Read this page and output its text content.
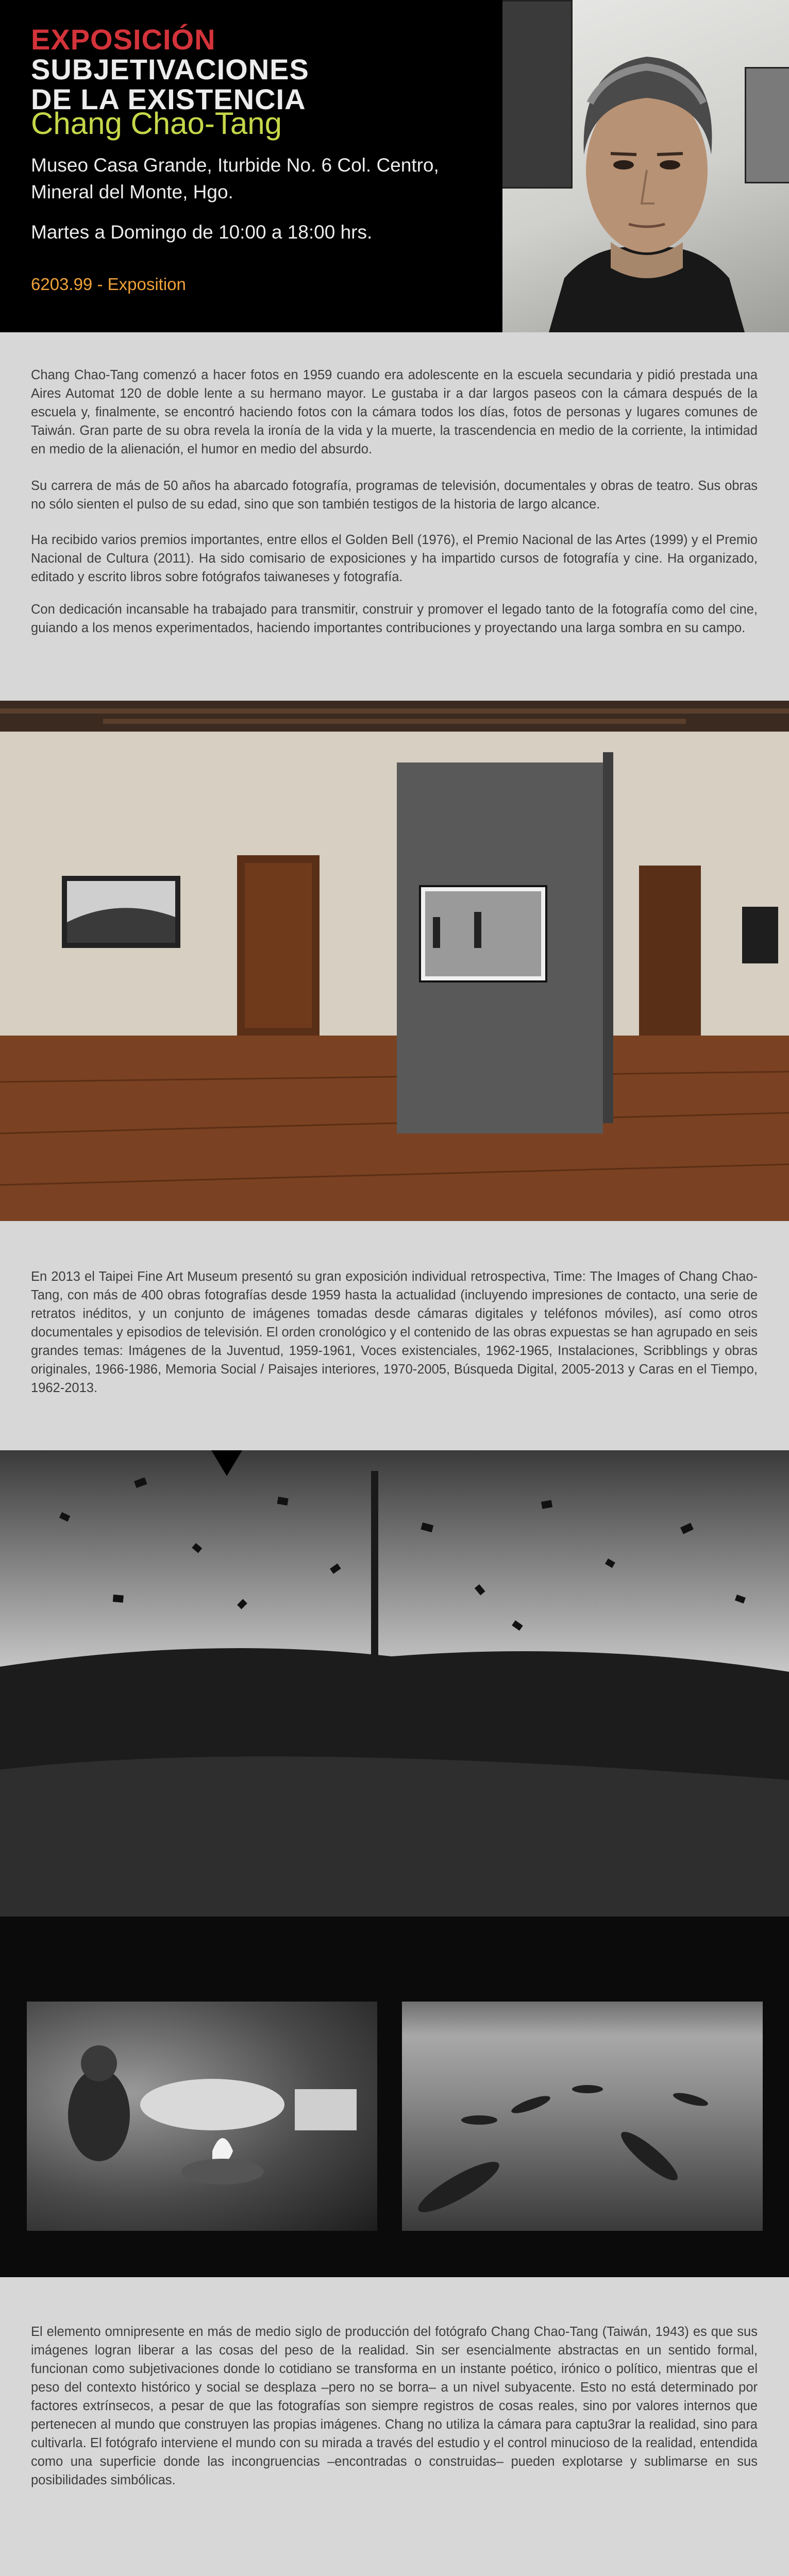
EXPOSICIÓN SUBJETIVACIONES
DE LA EXISTENCIA
Chang Chao-Tang
Museo Casa Grande, Iturbide No. 6 Col. Centro, Mineral del Monte, Hgo.
Martes a Domingo de 10:00 a 18:00 hrs.
6203.99 - Exposition

Chang Chao-Tang comenzó a hacer fotos en 1959 cuando era adolescente en la escuela secundaria y pidió prestada una Aires Automat 120 de doble lente a su hermano mayor. Le gustaba ir a dar largos paseos con la cámara después de la escuela y, finalmente, se encontró haciendo fotos con la cámara todos los días, fotos de personas y lugares comunes de Taiwán. Gran parte de su obra revela la ironía de la vida y la muerte, la trascendencia en medio de la corriente, la intimidad en medio de la alienación, el humor en medio del absurdo.

Su carrera de más de 50 años ha abarcado fotografía, programas de televisión, documentales y obras de teatro. Sus obras no sólo sienten el pulso de su edad, sino que son también testigos de la historia de largo alcance.

Ha recibido varios premios importantes, entre ellos el Golden Bell (1976), el Premio Nacional de las Artes (1999) y el Premio Nacional de Cultura (2011). Ha sido comisario de exposiciones y ha impartido cursos de fotografía y cine. Ha organizado, editado y escrito libros sobre fotógrafos taiwaneses y fotografía.

Con dedicación incansable ha trabajado para transmitir, construir y promover el legado tanto de la fotografía como del cine, guiando a los menos experimentados, haciendo importantes contribuciones y proyectando una larga sombra en su campo.

En 2013 el Taipei Fine Art Museum presentó su gran exposición individual retrospectiva, Time: The Images of Chang Chao-Tang, con más de 400 obras fotografías desde 1959 hasta la actualidad (incluyendo impresiones de contacto, una serie de retratos inéditos, y un conjunto de imágenes tomadas desde cámaras digitales y teléfonos móviles), así como otros documentales y episodios de televisión. El orden cronológico y el contenido de las obras expuestas se han agrupado en seis grandes temas: Imágenes de la Juventud, 1959-1961, Voces existenciales, 1962-1965, Instalaciones, Scribblings y obras originales, 1966-1986, Memoria Social / Paisajes interiores, 1970-2005, Búsqueda Digital, 2005-2013 y Caras en el Tiempo, 1962-2013.

El elemento omnipresente en más de medio siglo de producción del fotógrafo Chang Chao-Tang (Taiwán, 1943) es que sus imágenes logran liberar a las cosas del peso de la realidad. Sin ser esencialmente abstractas en un sentido formal, funcionan como subjetivaciones donde lo cotidiano se transforma en un instante poético, irónico o político, mientras que el peso del contexto histórico y social se desplaza –pero no se borra– a un nivel subyacente. Esto no está determinado por factores extrínsecos, a pesar de que las fotografías son siempre registros de cosas reales, sino por valores internos que pertenecen al mundo que construyen las propias imágenes. Chang no utiliza la cámara para captu3rar la realidad, sino para cultivarla. El fotógrafo interviene el mundo con su mirada a través del estudio y el control minucioso de la realidad, entendida como una superficie donde las incongruencias –encontradas o construidas– pueden explotarse y sublimarse en sus posibilidades simbólicas.
